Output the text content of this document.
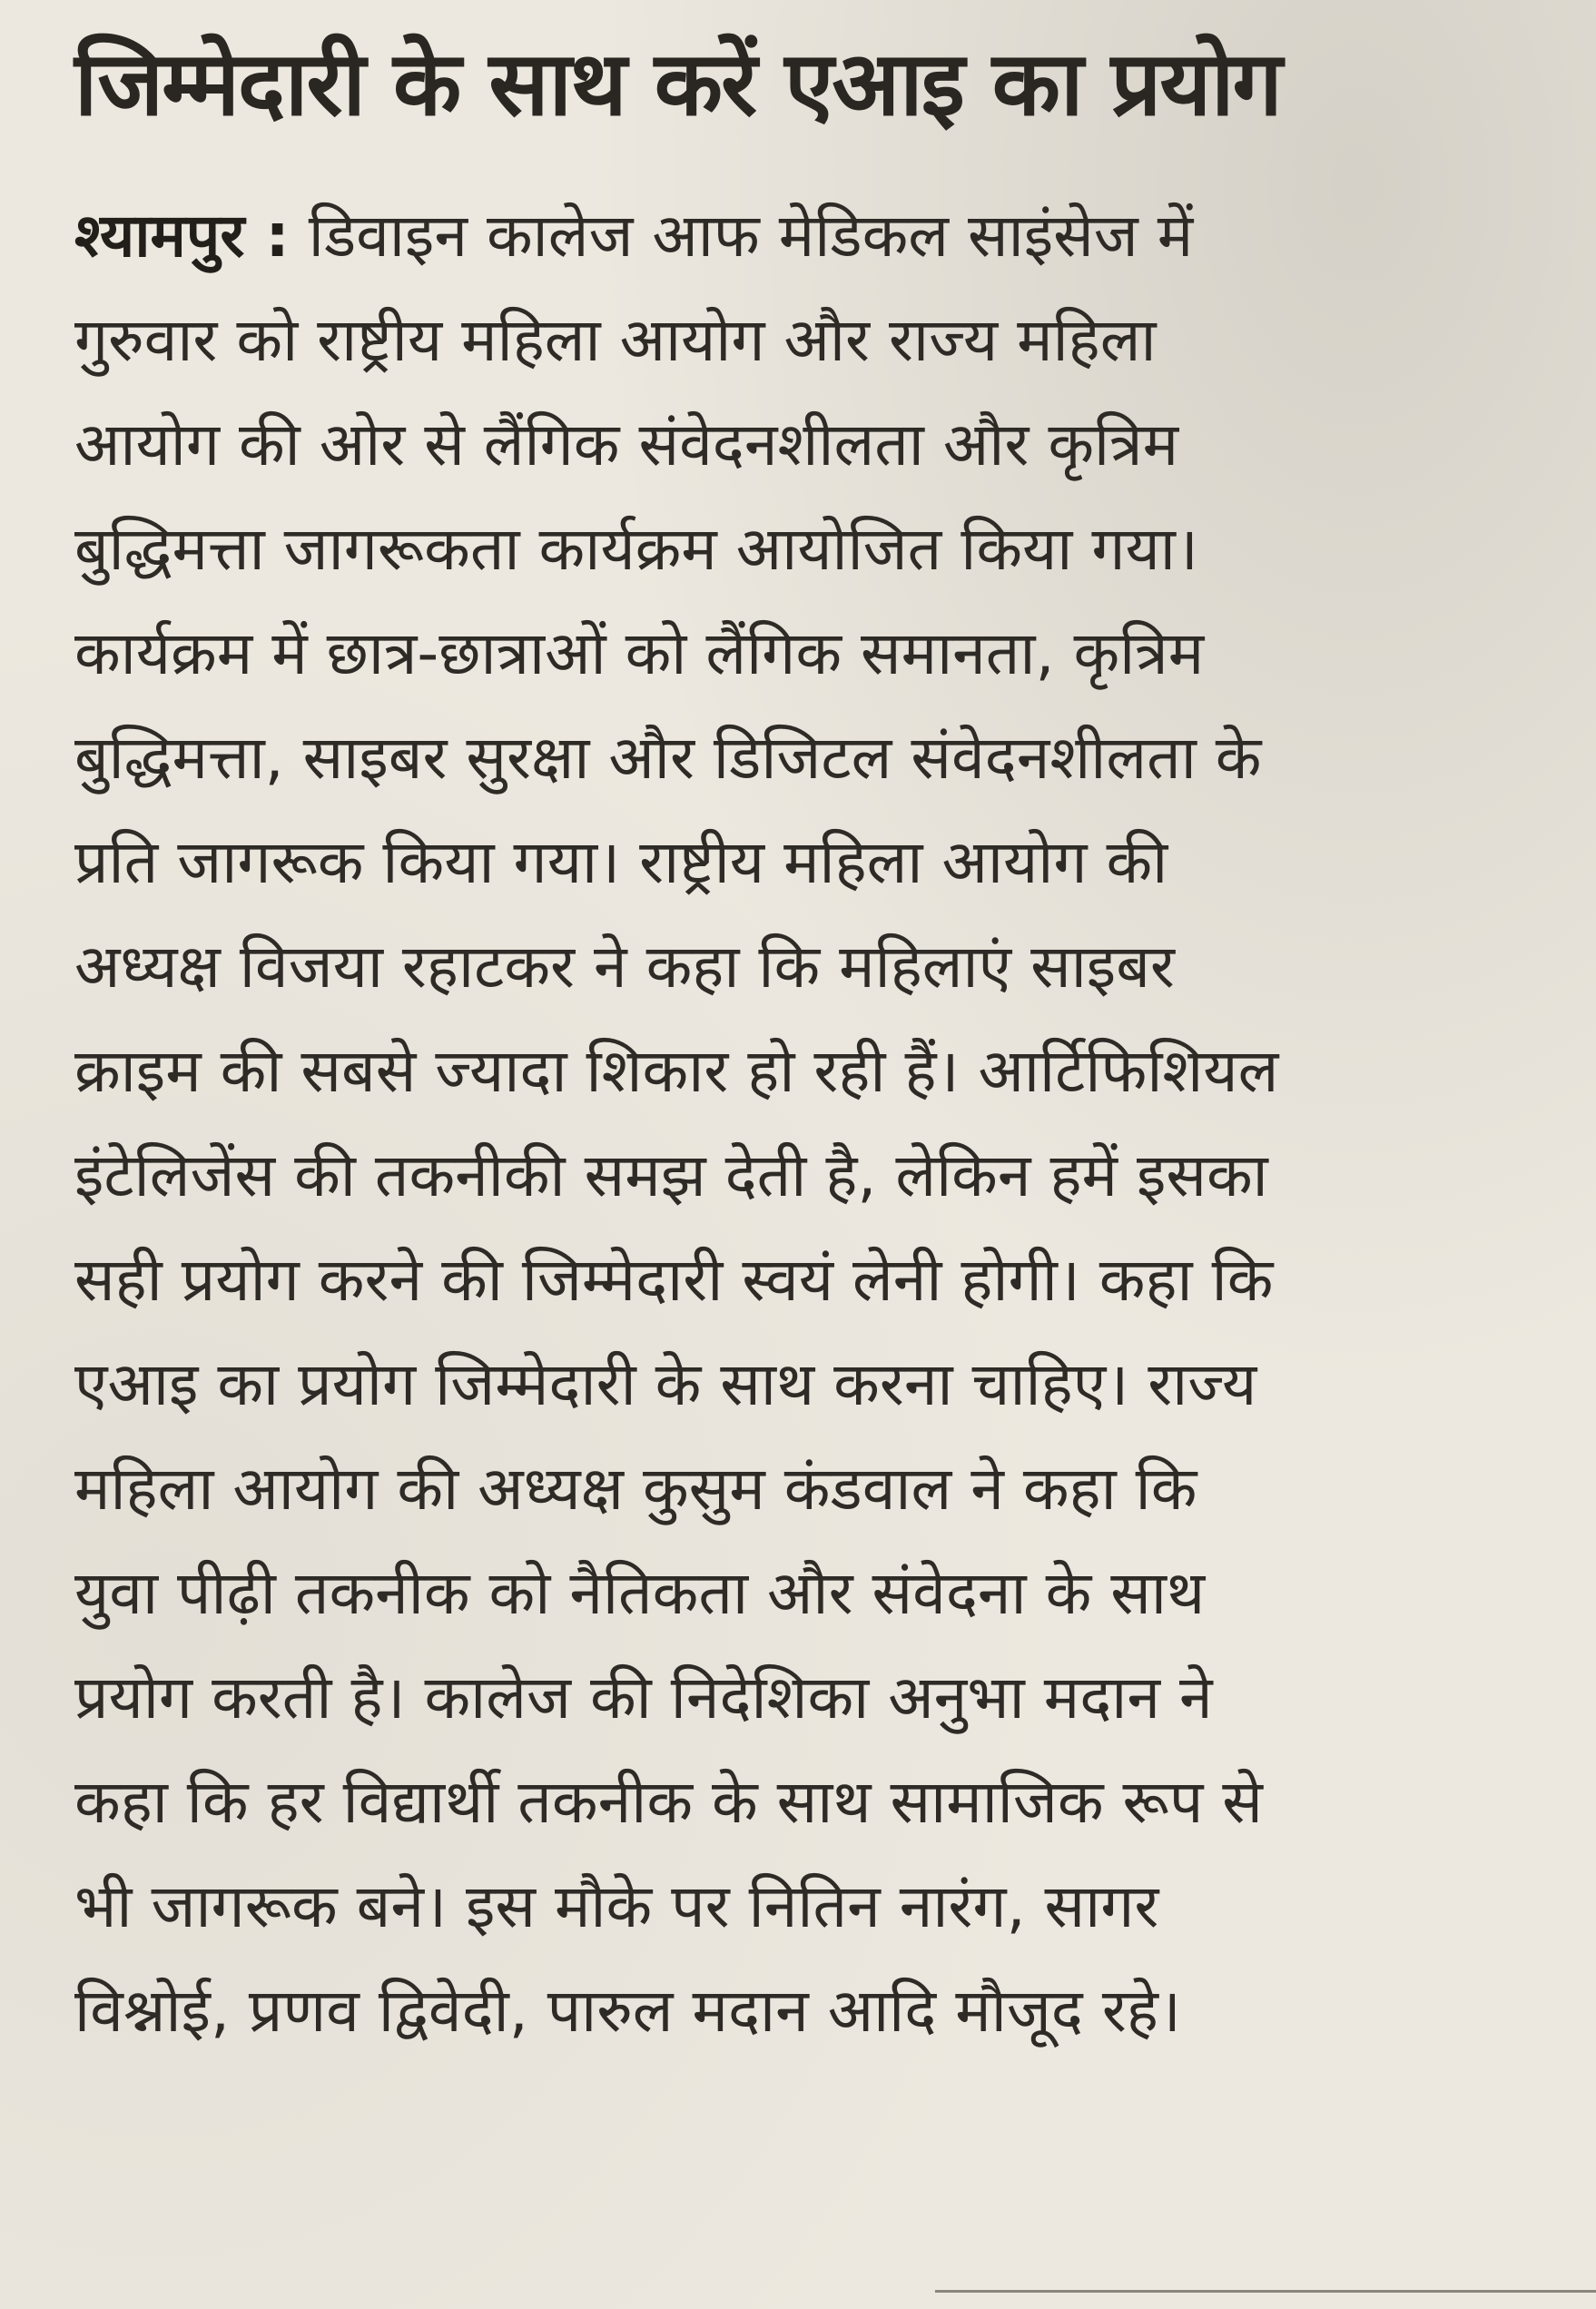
जिम्मेदारी के साथ करें एआइ का प्रयोग
श्यामपुर : डिवाइन कालेज आफ मेडिकल साइंसेज में
गुरुवार को राष्ट्रीय महिला आयोग और राज्य महिला
आयोग की ओर से लैंगिक संवेदनशीलता और कृत्रिम
बुद्धिमत्ता जागरूकता कार्यक्रम आयोजित किया गया।
कार्यक्रम में छात्र-छात्राओं को लैंगिक समानता, कृत्रिम
बुद्धिमत्ता, साइबर सुरक्षा और डिजिटल संवेदनशीलता के
प्रति जागरूक किया गया। राष्ट्रीय महिला आयोग की
अध्यक्ष विजया रहाटकर ने कहा कि महिलाएं साइबर
क्राइम की सबसे ज्यादा शिकार हो रही हैं। आर्टिफिशियल
इंटेलिजेंस की तकनीकी समझ देती है, लेकिन हमें इसका
सही प्रयोग करने की जिम्मेदारी स्वयं लेनी होगी। कहा कि
एआइ का प्रयोग जिम्मेदारी के साथ करना चाहिए। राज्य
महिला आयोग की अध्यक्ष कुसुम कंडवाल ने कहा कि
युवा पीढ़ी तकनीक को नैतिकता और संवेदना के साथ
प्रयोग करती है। कालेज की निदेशिका अनुभा मदान ने
कहा कि हर विद्यार्थी तकनीक के साथ सामाजिक रूप से
भी जागरूक बने। इस मौके पर नितिन नारंग, सागर
विश्नोई, प्रणव द्विवेदी, पारुल मदान आदि मौजूद रहे।
